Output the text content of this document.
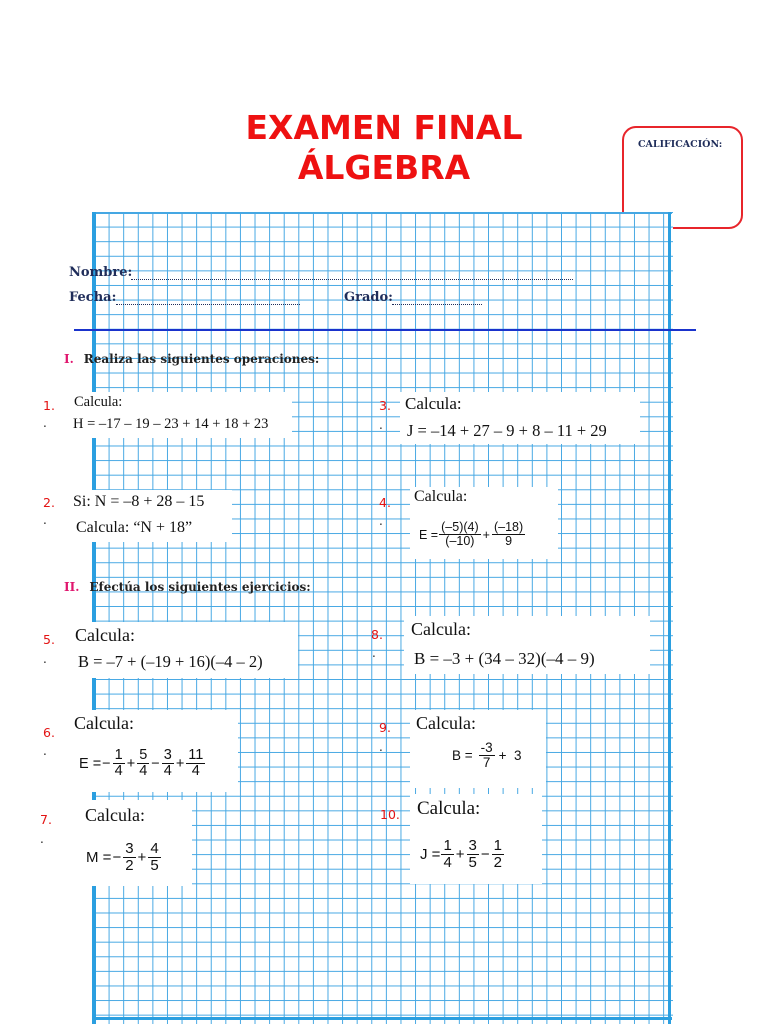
EXAMEN FINAL
ÁLGEBRA
CALIFICACIÓN:
Nombre:
Fecha:	Grado:
I. Realiza las siguientes operaciones:
1.
.
Calcula:
H = –17 – 19 – 23 + 14 + 18 + 23
2.
.
Si: N = –8 + 28 – 15
Calcula: “N + 18”
3.
.
Calcula:
J = –14 + 27 – 9 + 8 – 11 + 29
4.
.
Calcula:
$E = \frac{(-5)(4)}{(-10)} + \frac{(-18)}{9}$
II. Efectúa los siguientes ejercicios:
5.
.
Calcula:
B = –7 + (–19 + 16)(–4 – 2)
6.
.
Calcula:
E = − $\frac{1}{4} + \frac{5}{4} - \frac{3}{4} + \frac{11}{4}$
7.
.
Calcula:
M = − $\frac{3}{2} + \frac{4}{5}$
8.
.
Calcula:
B = –3 + (34 – 32)(–4 – 9)
9.
.
Calcula:
$B = \frac{-3}{7} + 3$
10. Calcula:
$J = \frac{1}{4} + \frac{3}{5} - \frac{1}{2}$
